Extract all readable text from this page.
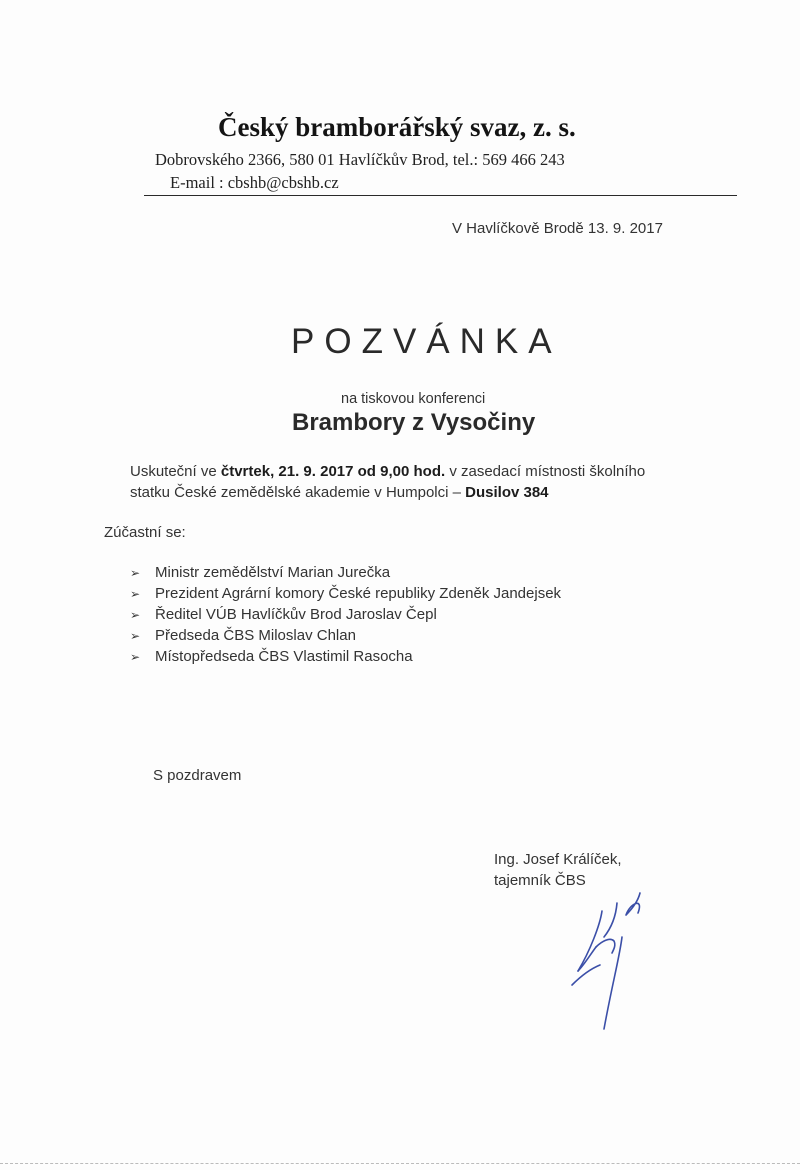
Český bramborářský svaz, z. s.
Dobrovského 2366, 580 01 Havlíčkův Brod, tel.: 569 466 243
E-mail : cbshb@cbshb.cz
V Havlíčkově Brodě 13. 9. 2017
POZVÁNKA
na tiskovou konferenci
Brambory z Vysočiny
Uskuteční ve čtvrtek, 21. 9. 2017 od 9,00 hod. v zasedací místnosti školního
statku České zemědělské akademie v Humpolci – Dusilov 384
Zúčastní se:
➢ Ministr zemědělství Marian Jurečka
➢ Prezident Agrární komory České republiky Zdeněk Jandejsek
➢ Ředitel VÚB Havlíčkův Brod Jaroslav Čepl
➢ Předseda ČBS Miloslav Chlan
➢ Místopředseda ČBS Vlastimil Rasocha
S pozdravem
Ing. Josef Králíček,
tajemník ČBS
